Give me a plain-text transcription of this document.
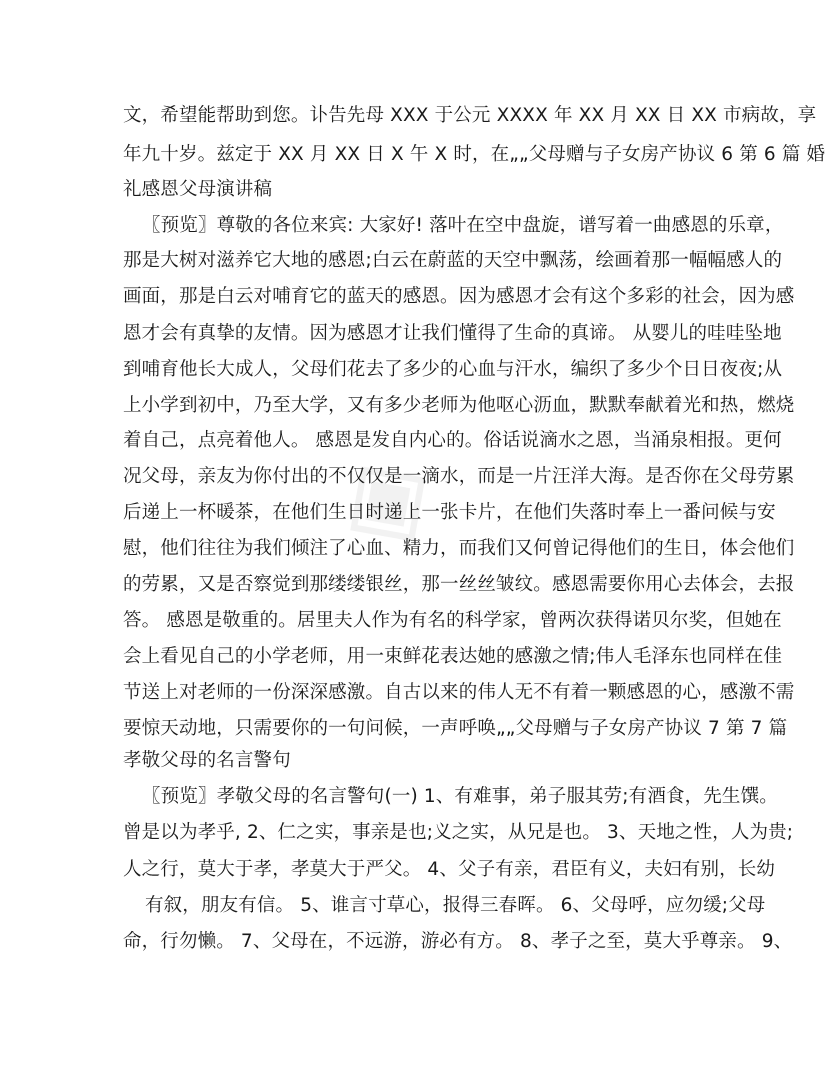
◈
文，希望能帮助到您。讣告先母 XXX 于公元 XXXX 年 XX 月 XX 日 XX 市病故，享
年九十岁。兹定于 XX 月 XX 日 X 午 X 时，在„„父母赠与子女房产协议 6 第 6 篇 婚
礼感恩父母演讲稿
〖预览〗尊敬的各位来宾: 大家好! 落叶在空中盘旋，谱写着一曲感恩的乐章，
那是大树对滋养它大地的感恩;白云在蔚蓝的天空中飘荡，绘画着那一幅幅感人的
画面，那是白云对哺育它的蓝天的感恩。因为感恩才会有这个多彩的社会，因为感
恩才会有真挚的友情。因为感恩才让我们懂得了生命的真谛。 从婴儿的哇哇坠地
到哺育他长大成人，父母们花去了多少的心血与汗水，编织了多少个日日夜夜;从
上小学到初中，乃至大学，又有多少老师为他呕心沥血，默默奉献着光和热，燃烧
着自己，点亮着他人。 感恩是发自内心的。俗话说滴水之恩，当涌泉相报。更何
况父母，亲友为你付出的不仅仅是一滴水，而是一片汪洋大海。是否你在父母劳累
后递上一杯暖茶，在他们生日时递上一张卡片，在他们失落时奉上一番问候与安
慰，他们往往为我们倾注了心血、精力，而我们又何曾记得他们的生日，体会他们
的劳累，又是否察觉到那缕缕银丝，那一丝丝皱纹。感恩需要你用心去体会，去报
答。 感恩是敬重的。居里夫人作为有名的科学家，曾两次获得诺贝尔奖，但她在
会上看见自己的小学老师，用一束鲜花表达她的感激之情;伟人毛泽东也同样在佳
节送上对老师的一份深深感激。自古以来的伟人无不有着一颗感恩的心，感激不需
要惊天动地，只需要你的一句问候，一声呼唤„„父母赠与子女房产协议 7 第 7 篇
孝敬父母的名言警句
〖预览〗孝敬父母的名言警句(一) 1、有难事，弟子服其劳;有酒食，先生馔。
曾是以为孝乎, 2、仁之实，事亲是也;义之实，从兄是也。 3、天地之性，人为贵;
人之行，莫大于孝，孝莫大于严父。 4、父子有亲，君臣有义，夫妇有别，长幼
有叙，朋友有信。 5、谁言寸草心，报得三春晖。 6、父母呼，应勿缓;父母
命，行勿懒。 7、父母在，不远游，游必有方。 8、孝子之至，莫大乎尊亲。 9、
